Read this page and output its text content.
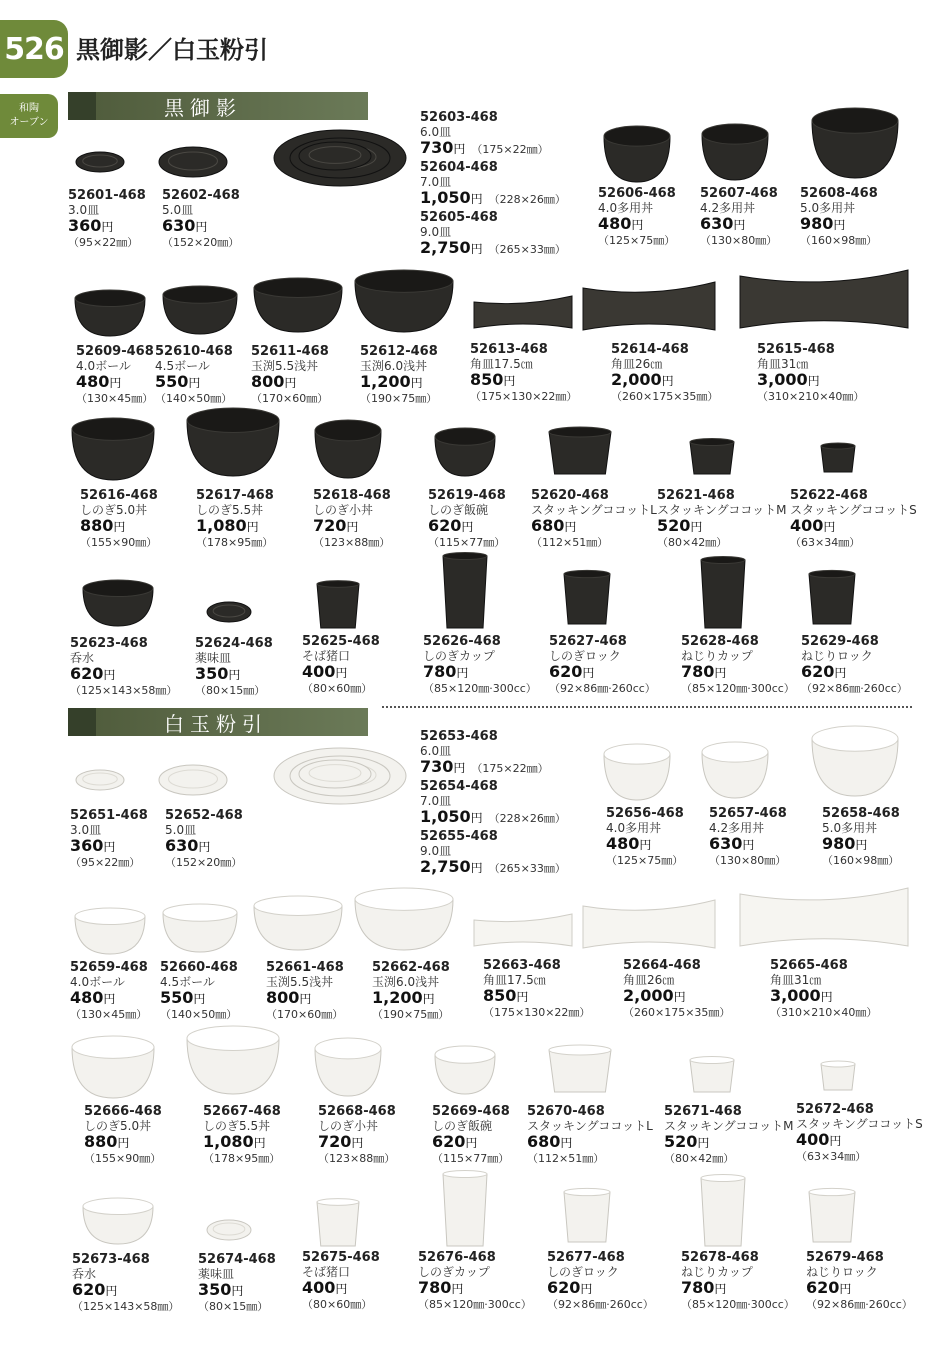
526 黒御影／白玉粉引
和陶
オーブン
黒御影
白玉粉引
52603-468
6.0皿
730円 （175×22㎜）
52604-468
7.0皿
1,050円 （228×26㎜）
52605-468
9.0皿
2,750円 （265×33㎜）
52653-468
6.0皿
730円 （175×22㎜）
52654-468
7.0皿
1,050円 （228×26㎜）
52655-468
9.0皿
2,750円 （265×33㎜）
52601-468
3.0皿
360円
（95×22㎜）
52602-468
5.0皿
630円
（152×20㎜）
52606-468
4.0多用丼
480円
（125×75㎜）
52607-468
4.2多用丼
630円
（130×80㎜）
52608-468
5.0多用丼
980円
（160×98㎜）
52609-468
4.0ボール
480円
（130×45㎜）
52610-468
4.5ボール
550円
（140×50㎜）
52611-468
玉渕5.5浅丼
800円
（170×60㎜）
52612-468
玉渕6.0浅丼
1,200円
（190×75㎜）
52613-468
角皿17.5㎝
850円
（175×130×22㎜）
52614-468
角皿26㎝
2,000円
（260×175×35㎜）
52615-468
角皿31㎝
3,000円
（310×210×40㎜）
52616-468
しのぎ5.0丼
880円
（155×90㎜）
52617-468
しのぎ5.5丼
1,080円
（178×95㎜）
52618-468
しのぎ小丼
720円
（123×88㎜）
52619-468
しのぎ飯碗
620円
（115×77㎜）
52620-468
スタッキングココットL
680円
（112×51㎜）
52621-468
スタッキングココットM
520円
（80×42㎜）
52622-468
スタッキングココットS
400円
（63×34㎜）
52623-468
呑水
620円
（125×143×58㎜）
52624-468
薬味皿
350円
（80×15㎜）
52625-468
そば猪口
400円
（80×60㎜）
52626-468
しのぎカップ
780円
（85×120㎜·300cc）
52627-468
しのぎロック
620円
（92×86㎜·260cc）
52628-468
ねじりカップ
780円
（85×120㎜·300cc）
52629-468
ねじりロック
620円
（92×86㎜·260cc）
52651-468
3.0皿
360円
（95×22㎜）
52652-468
5.0皿
630円
（152×20㎜）
52656-468
4.0多用丼
480円
（125×75㎜）
52657-468
4.2多用丼
630円
（130×80㎜）
52658-468
5.0多用丼
980円
（160×98㎜）
52659-468
4.0ボール
480円
（130×45㎜）
52660-468
4.5ボール
550円
（140×50㎜）
52661-468
玉渕5.5浅丼
800円
（170×60㎜）
52662-468
玉渕6.0浅丼
1,200円
（190×75㎜）
52663-468
角皿17.5㎝
850円
（175×130×22㎜）
52664-468
角皿26㎝
2,000円
（260×175×35㎜）
52665-468
角皿31㎝
3,000円
（310×210×40㎜）
52666-468
しのぎ5.0丼
880円
（155×90㎜）
52667-468
しのぎ5.5丼
1,080円
（178×95㎜）
52668-468
しのぎ小丼
720円
（123×88㎜）
52669-468
しのぎ飯碗
620円
（115×77㎜）
52670-468
スタッキングココットL
680円
（112×51㎜）
52671-468
スタッキングココットM
520円
（80×42㎜）
52672-468
スタッキングココットS
400円
（63×34㎜）
52673-468
呑水
620円
（125×143×58㎜）
52674-468
薬味皿
350円
（80×15㎜）
52675-468
そば猪口
400円
（80×60㎜）
52676-468
しのぎカップ
780円
（85×120㎜·300cc）
52677-468
しのぎロック
620円
（92×86㎜·260cc）
52678-468
ねじりカップ
780円
（85×120㎜·300cc）
52679-468
ねじりロック
620円
（92×86㎜·260cc）
